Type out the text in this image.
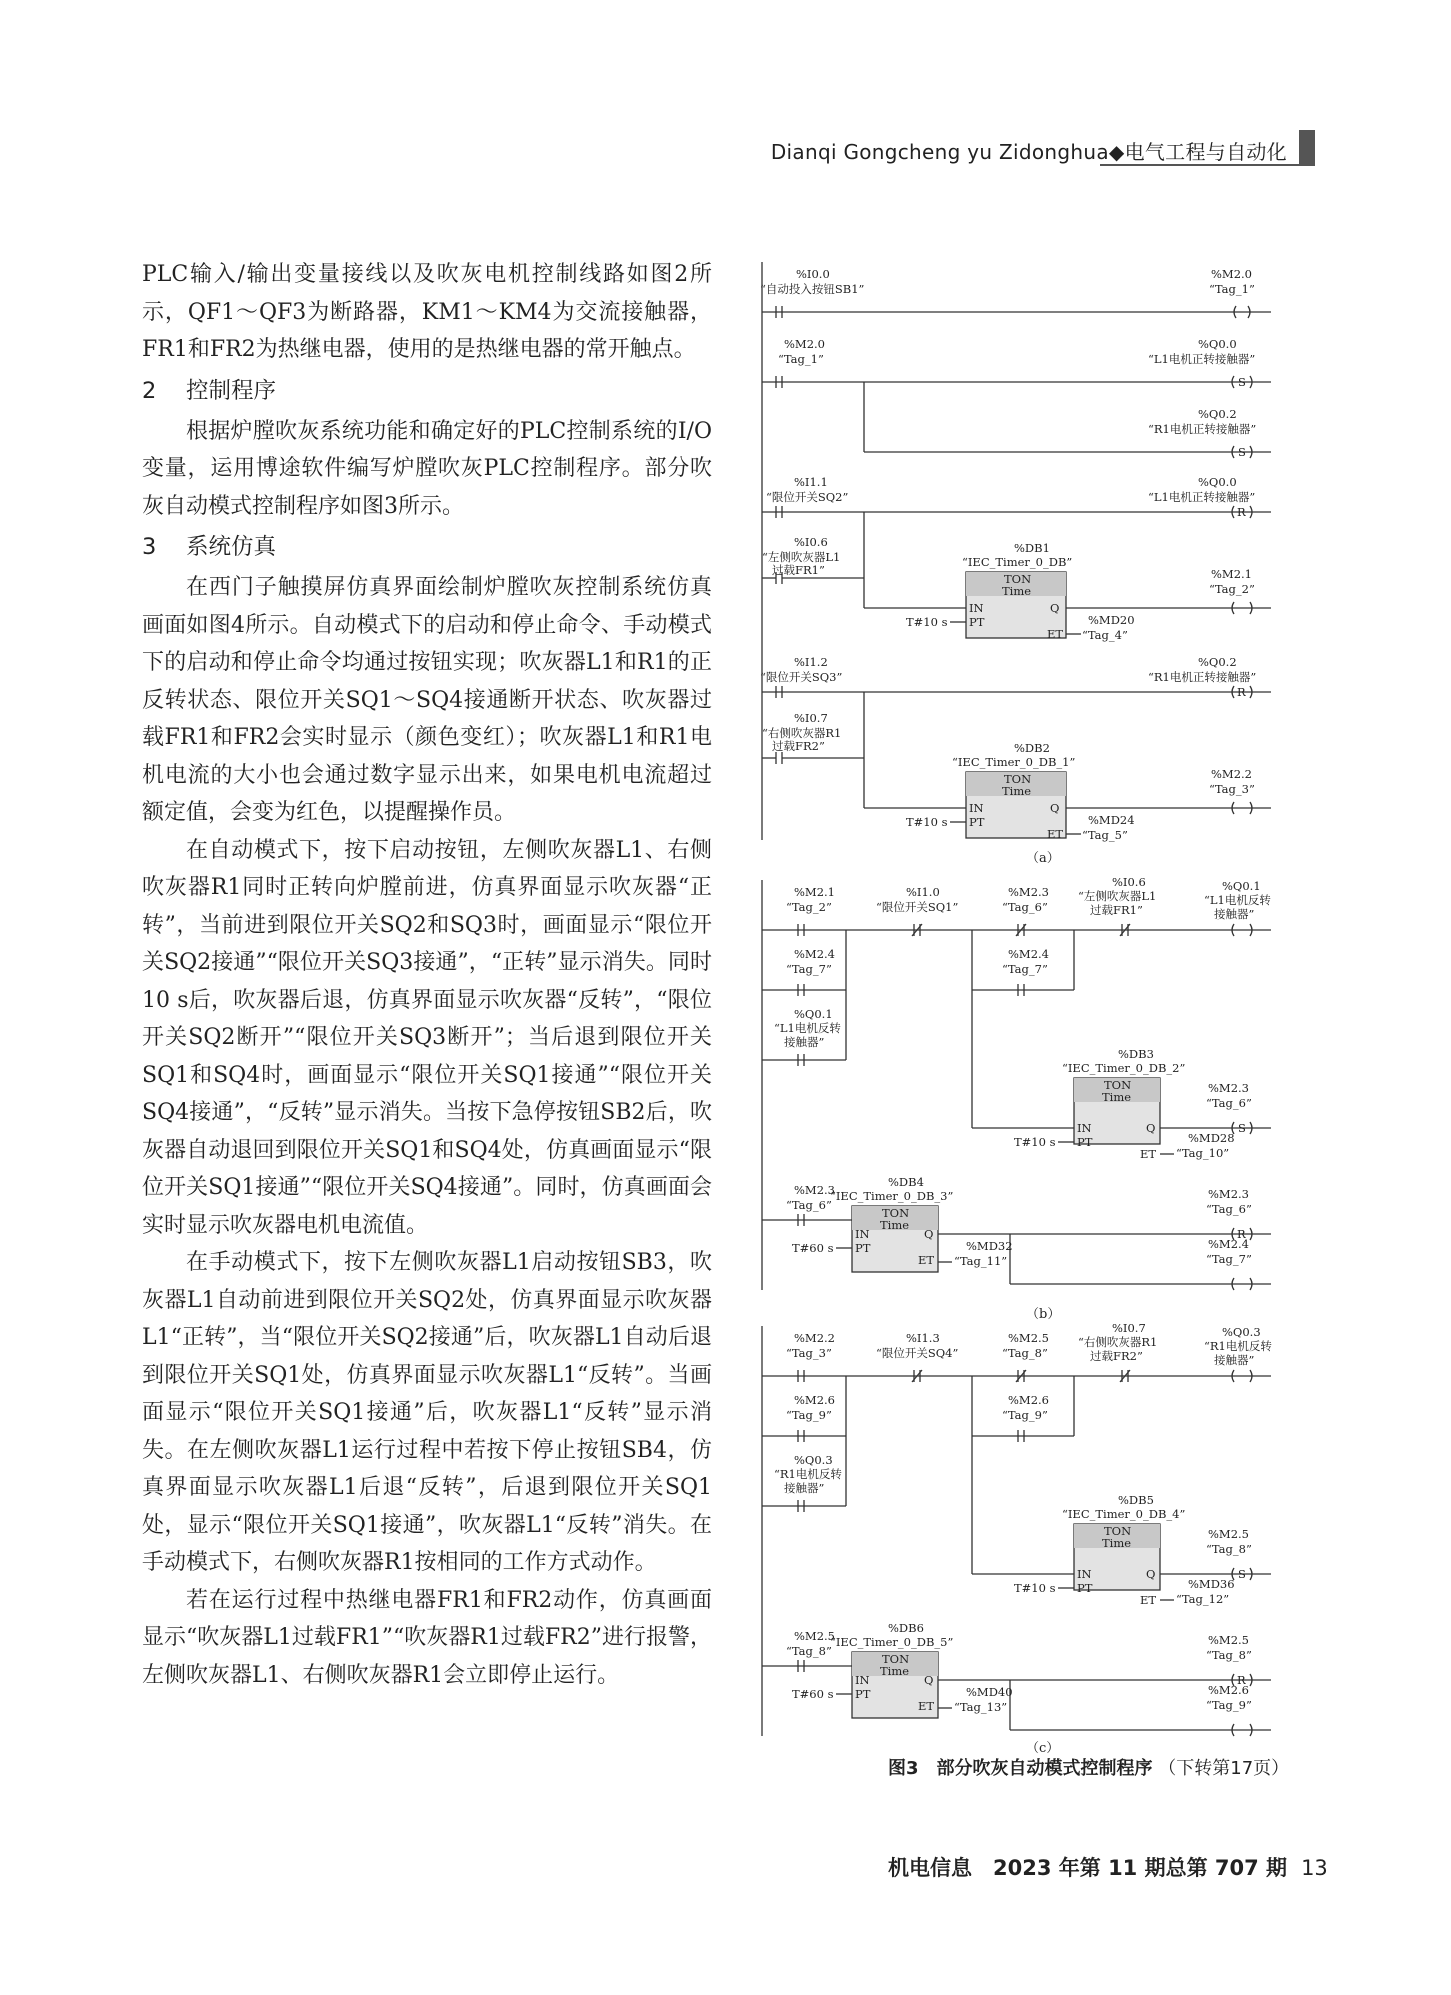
Dianqi Gongcheng yu Zidonghua◆电气工程与自动化

PLC输入/输出变量接线以及吹灰电机控制线路如图2所示，QF1～QF3为断路器，KM1～KM4为交流接触器，FR1和FR2为热继电器，使用的是热继电器的常开触点。

2 控制程序

根据炉膛吹灰系统功能和确定好的PLC控制系统的I/O变量，运用博途软件编写炉膛吹灰PLC控制程序。部分吹灰自动模式控制程序如图3所示。

3 系统仿真

在西门子触摸屏仿真界面绘制炉膛吹灰控制系统仿真画面如图4所示。自动模式下的启动和停止命令、手动模式下的启动和停止命令均通过按钮实现；吹灰器L1和R1的正反转状态、限位开关SQ1～SQ4接通断开状态、吹灰器过载FR1和FR2会实时显示（颜色变红）；吹灰器L1和R1电机电流的大小也会通过数字显示出来，如果电机电流超过额定值，会变为红色，以提醒操作员。

在自动模式下，按下启动按钮，左侧吹灰器L1、右侧吹灰器R1同时正转向炉膛前进，仿真界面显示吹灰器“正转”，当前进到限位开关SQ2和SQ3时，画面显示“限位开关SQ2接通”“限位开关SQ3接通”，“正转”显示消失。同时10 s后，吹灰器后退，仿真界面显示吹灰器“反转”，“限位开关SQ2断开”“限位开关SQ3断开”；当后退到限位开关SQ1和SQ4时，画面显示“限位开关SQ1接通”“限位开关SQ4接通”，“反转”显示消失。当按下急停按钮SB2后，吹灰器自动退回到限位开关SQ1和SQ4处，仿真画面显示“限位开关SQ1接通”“限位开关SQ4接通”。同时，仿真画面会实时显示吹灰器电机电流值。

在手动模式下，按下左侧吹灰器L1启动按钮SB3，吹灰器L1自动前进到限位开关SQ2处，仿真界面显示吹灰器L1“正转”，当“限位开关SQ2接通”后，吹灰器L1自动后退到限位开关SQ1处，仿真界面显示吹灰器L1“反转”。当画面显示“限位开关SQ1接通”后，吹灰器L1“反转”显示消失。在左侧吹灰器L1运行过程中若按下停止按钮SB4，仿真界面显示吹灰器L1后退“反转”，后退到限位开关SQ1处，显示“限位开关SQ1接通”，吹灰器L1“反转”消失。在手动模式下，右侧吹灰器R1按相同的工作方式动作。

若在运行过程中热继电器FR1和FR2动作，仿真画面显示“吹灰器L1过载FR1”“吹灰器R1过载FR2”进行报警，左侧吹灰器L1、右侧吹灰器R1会立即停止运行。

%I0.0
“自动投入按钮SB1”
%M2.0
“Tag_1”
%M2.0
“Tag_1”
%Q0.0
“L1电机正转接触器”
S
%Q0.2
“R1电机正转接触器”
S
%I1.1
“限位开关SQ2”
%Q0.0
“L1电机正转接触器”
R
%I0.6
“左侧吹灰器L1
过载FR1”
%DB1
“IEC_Timer_0_DB”
TON
Time
IN
PT
Q
ET
T#10 s
%M2.1
“Tag_2”
%MD20
“Tag_4”
%I1.2
“限位开关SQ3”
%Q0.2
“R1电机正转接触器”
R
%I0.7
“右侧吹灰器R1
过载FR2”	%DB2
“IEC_Timer_0_DB_1”
TON
Time
IN
PT
Q
ET
T#10 s
%M2.2
“Tag_3”
%MD24
“Tag_5”
（a）
%M2.1
“Tag_2”
%I1.0
“限位开关SQ1”
%M2.3
“Tag_6”
%I0.6
“左侧吹灰器L1
过载FR1”
%Q0.1
“L1电机反转
接触器”
%M2.4
“Tag_7”
%Q0.1
“L1电机反转
接触器”
%M2.4
“Tag_7”
%DB3
“IEC_Timer_0_DB_2”
TON
Time
IN
PT
Q
ET
T#10 s
S
%M2.3
“Tag_6”
%MD28
“Tag_10”
%DB4
“IEC_Timer_0_DB_3”
%M2.3
“Tag_6”
TON
Time
IN
PT
Q
ET
T#60 s
R
%M2.3
“Tag_6”
%M2.4
“Tag_7”
%MD32
“Tag_11”
（b）
%M2.2
“Tag_3”
%I1.3
“限位开关SQ4”
%M2.5
“Tag_8”
%I0.7
“右侧吹灰器R1
过载FR2”
%Q0.3
“R1电机反转
接触器”
%M2.6
“Tag_9”
%Q0.3
“R1电机反转
接触器”
%M2.6
“Tag_9”
%DB5
“IEC_Timer_0_DB_4”
TON
Time
IN
PT
Q
ET
T#10 s
S
%M2.5
“Tag_8”
%MD36
“Tag_12”
%DB6
“IEC_Timer_0_DB_5”
%M2.5
“Tag_8”
TON
Time
IN
PT
Q
ET
T#60 s
R
%M2.5
“Tag_8”
%M2.6
“Tag_9”
%MD40
“Tag_13”
（c）
图3　部分吹灰自动模式控制程序 （下转第17页）
机电信息　2023 年第 11 期总第 707 期 13
